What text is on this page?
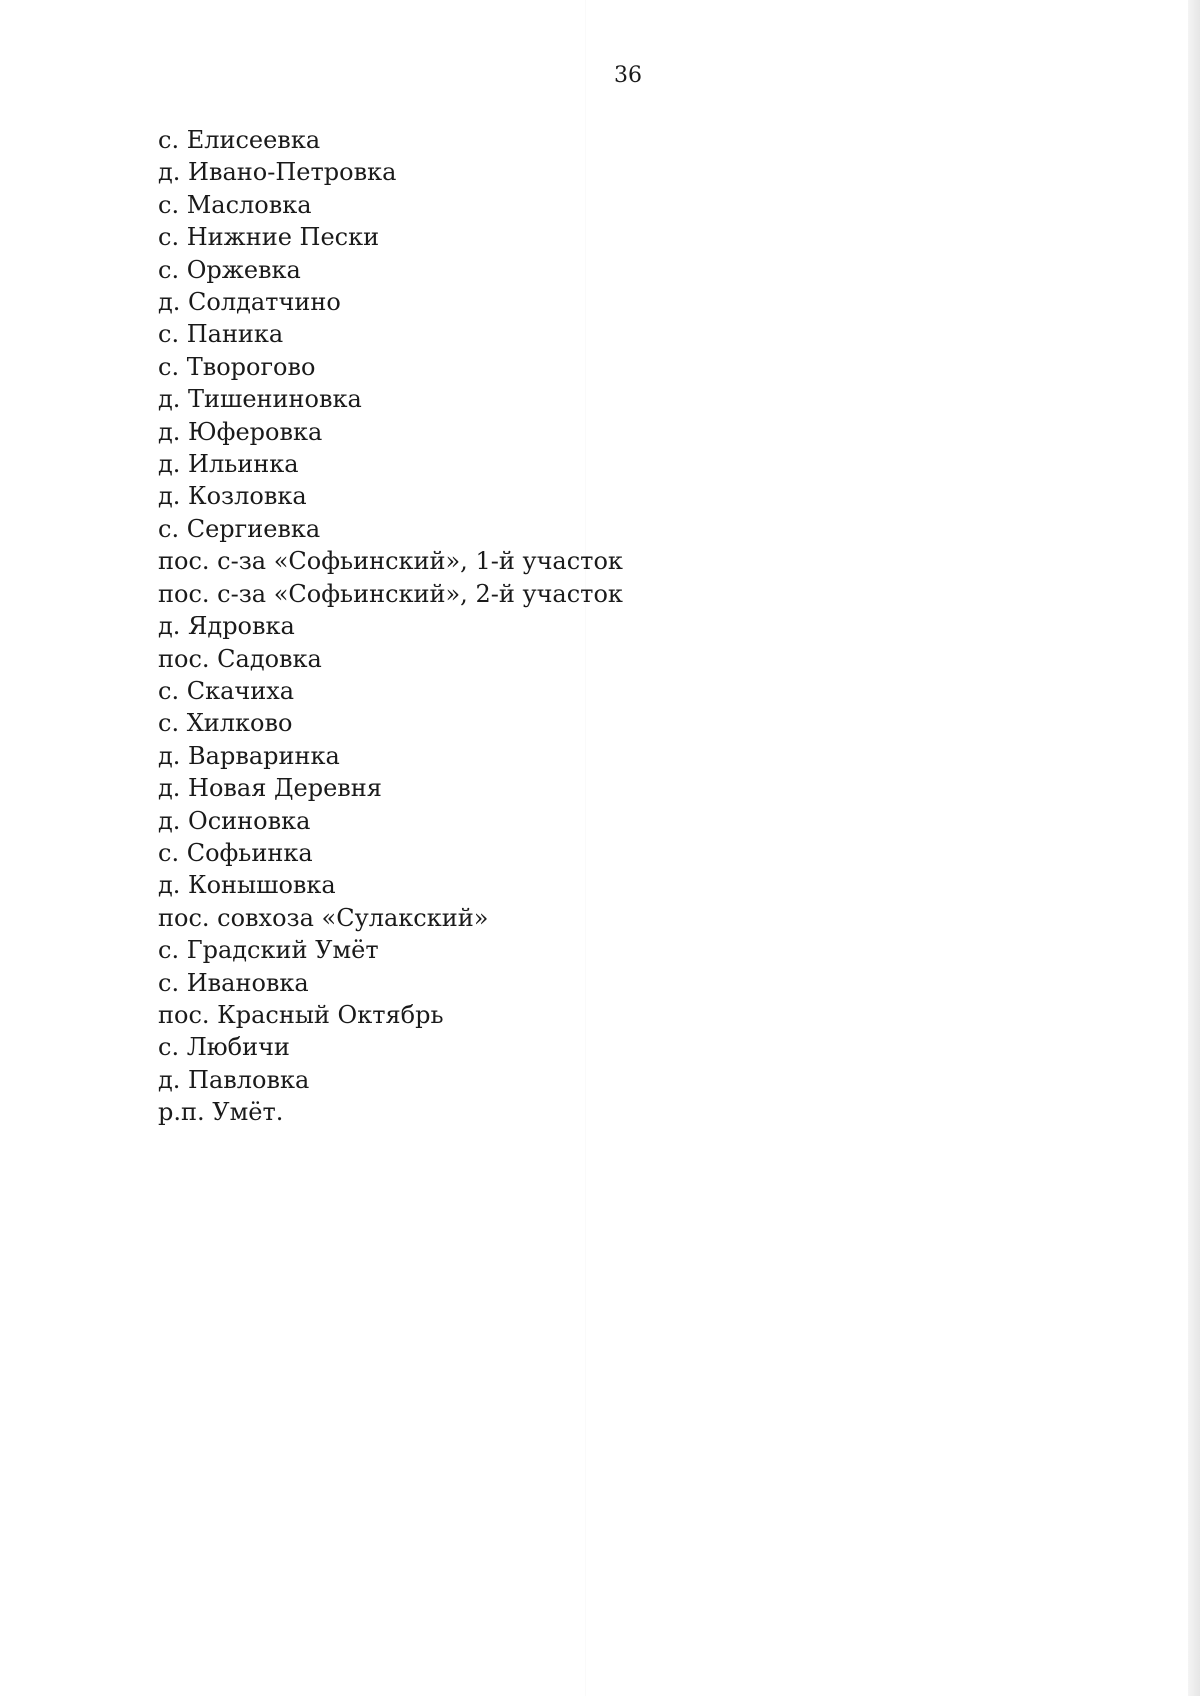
36
с. Елисеевка
д. Ивано-Петровка
с. Масловка
с. Нижние Пески
с. Оржевка
д. Солдатчино
с. Паника
с. Творогово
д. Тишениновка
д. Юферовка
д. Ильинка
д. Козловка
с. Сергиевка
пос. с-за «Софьинский», 1-й участок
пос. с-за «Софьинский», 2-й участок
д. Ядровка
пос. Садовка
с. Скачиха
с. Хилково
д. Варваринка
д. Новая Деревня
д. Осиновка
с. Софьинка
д. Конышовка
пос. совхоза «Сулакский»
с. Градский Умёт
с. Ивановка
пос. Красный Октябрь
с. Любичи
д. Павловка
р.п. Умёт.
